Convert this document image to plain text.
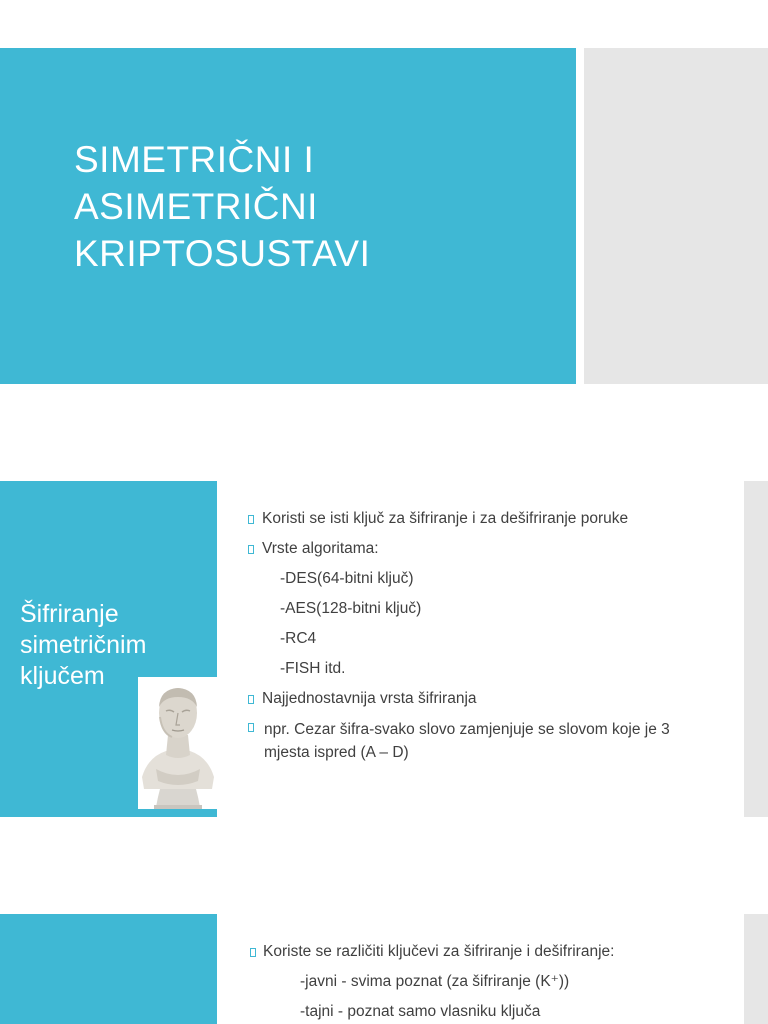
SIMETRIČNI I
ASIMETRIČNI
KRIPTOSUSTAVI
Šifriranje
simetričnim
ključem
Koristi se isti ključ za šifriranje i za dešifriranje poruke
Vrste algoritama:
-DES(64-bitni ključ)
-AES(128-bitni ključ)
-RC4
-FISH itd.
Najjednostavnija vrsta šifriranja
npr. Cezar šifra-svako slovo zamjenjuje se slovom koje je 3 mjesta ispred (A – D)
Koriste se različiti ključevi za šifriranje i dešifriranje:
-javni - svima poznat (za šifriranje (K⁺))
-tajni - poznat samo vlasniku ključa
